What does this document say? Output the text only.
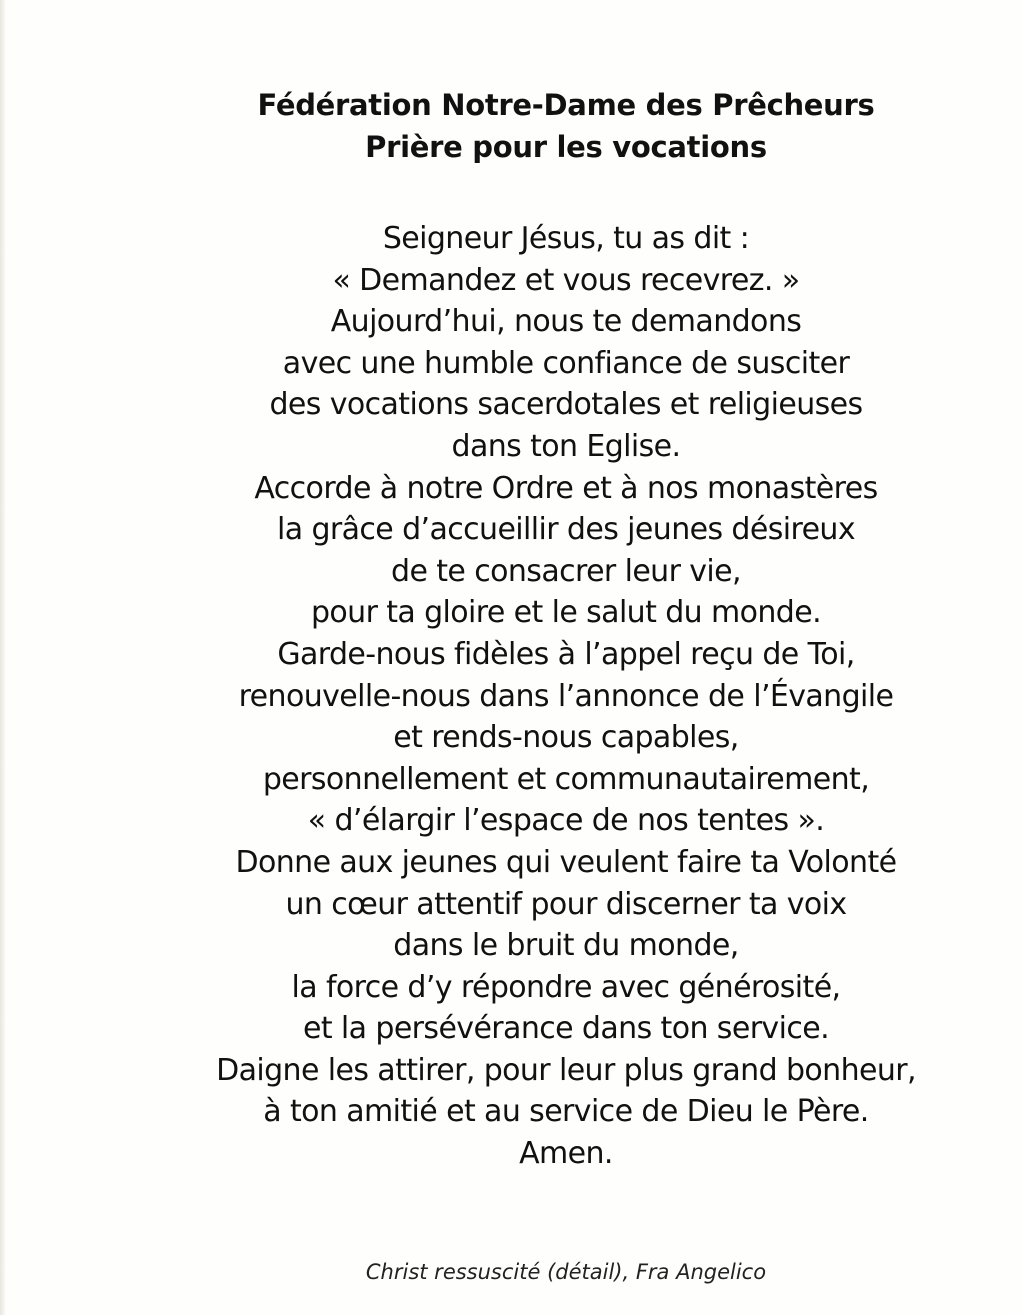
Fédération Notre-Dame des Prêcheurs
Prière pour les vocations
Seigneur Jésus, tu as dit :
« Demandez et vous recevrez. »
Aujourd’hui, nous te demandons
avec une humble confiance de susciter
des vocations sacerdotales et religieuses
dans ton Eglise.
Accorde à notre Ordre et à nos monastères
la grâce d’accueillir des jeunes désireux
de te consacrer leur vie,
pour ta gloire et le salut du monde.
Garde-nous fidèles à l’appel reçu de Toi,
renouvelle-nous dans l’annonce de l’Évangile
et rends-nous capables,
personnellement et communautairement,
« d’élargir l’espace de nos tentes ».
Donne aux jeunes qui veulent faire ta Volonté
un cœur attentif pour discerner ta voix
dans le bruit du monde,
la force d’y répondre avec générosité,
et la persévérance dans ton service.
Daigne les attirer, pour leur plus grand bonheur,
à ton amitié et au service de Dieu le Père.
Amen.
Christ ressuscité (détail), Fra Angelico
